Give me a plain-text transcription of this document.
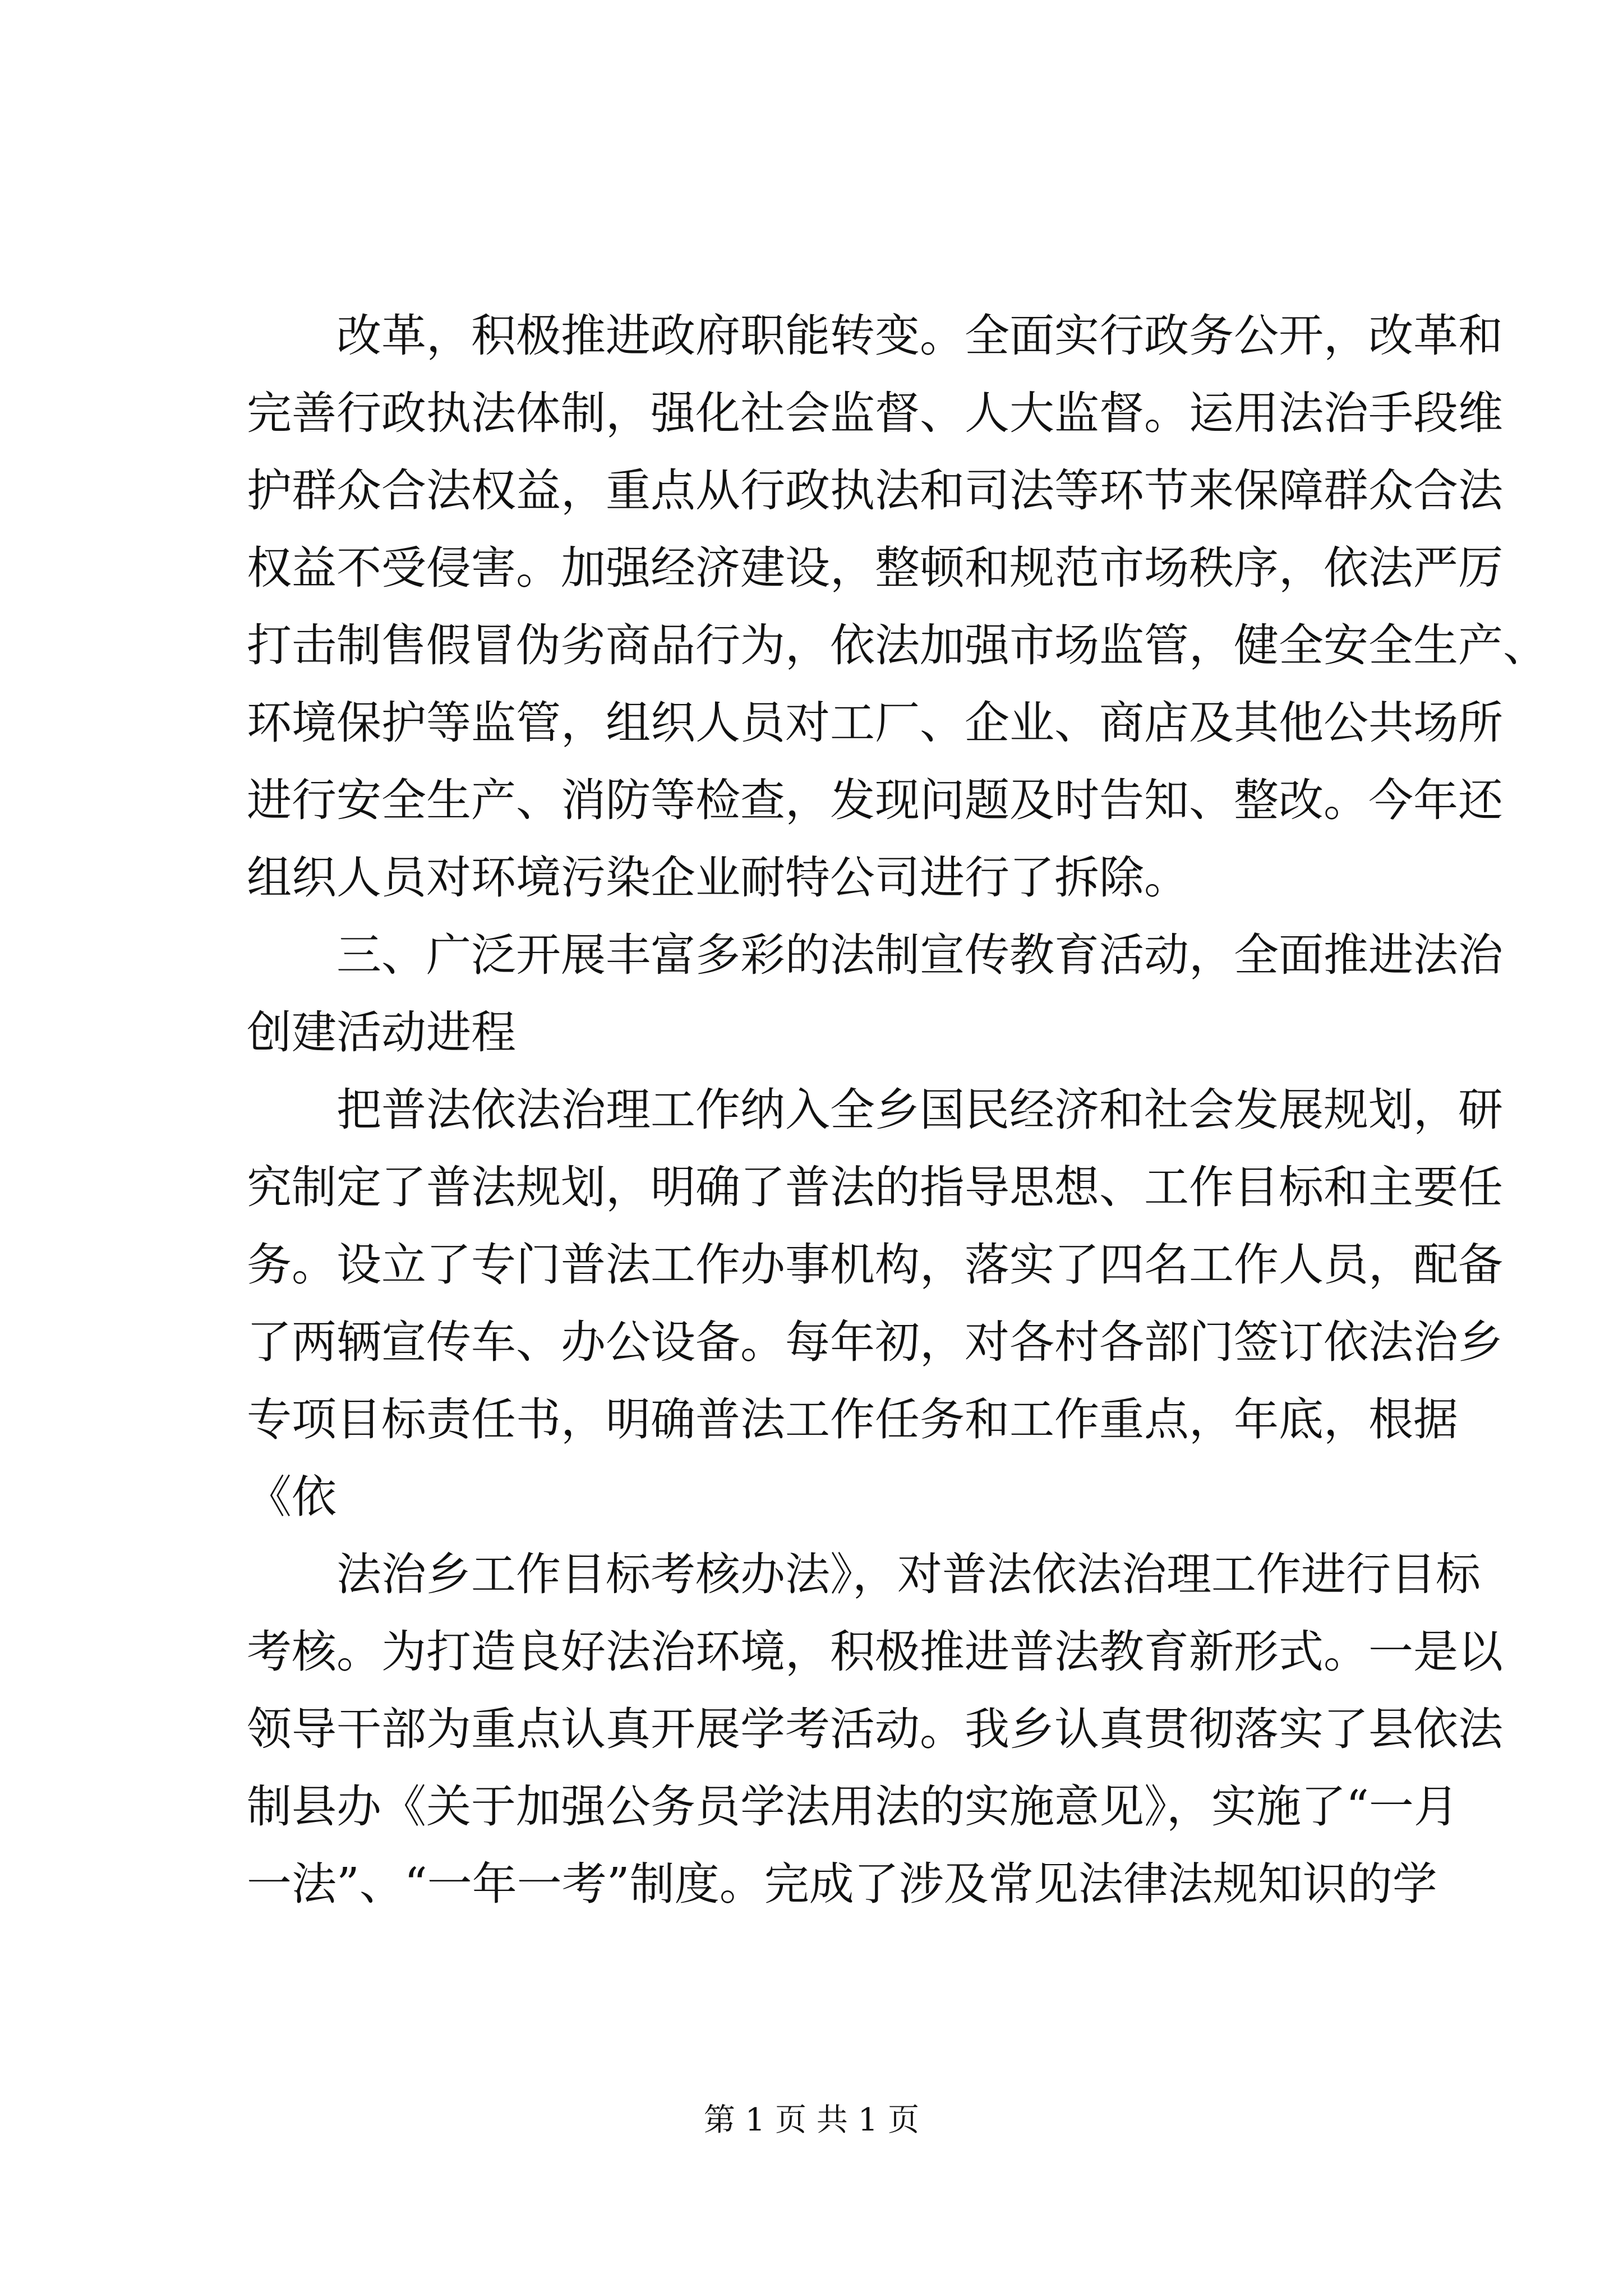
改革，积极推进政府职能转变。全面实行政务公开，改革和
完善行政执法体制，强化社会监督、人大监督。运用法治手段维
护群众合法权益，重点从行政执法和司法等环节来保障群众合法
权益不受侵害。加强经济建设，整顿和规范市场秩序，依法严厉
打击制售假冒伪劣商品行为，依法加强市场监管，健全安全生产、
环境保护等监管，组织人员对工厂、企业、商店及其他公共场所
进行安全生产、消防等检查，发现问题及时告知、整改。今年还
组织人员对环境污染企业耐特公司进行了拆除。
三、广泛开展丰富多彩的法制宣传教育活动，全面推进法治
创建活动进程
把普法依法治理工作纳入全乡国民经济和社会发展规划，研
究制定了普法规划，明确了普法的指导思想、工作目标和主要任
务。设立了专门普法工作办事机构，落实了四名工作人员，配备
了两辆宣传车、办公设备。每年初，对各村各部门签订依法治乡
专项目标责任书，明确普法工作任务和工作重点，年底，根据
《依
法治乡工作目标考核办法》，对普法依法治理工作进行目标
考核。为打造良好法治环境，积极推进普法教育新形式。一是以
领导干部为重点认真开展学考活动。我乡认真贯彻落实了县依法
制县办《关于加强公务员学法用法的实施意见》，实施了“一月
一法”、“一年一考”制度。完成了涉及常见法律法规知识的学
第 1 页 共 1 页
